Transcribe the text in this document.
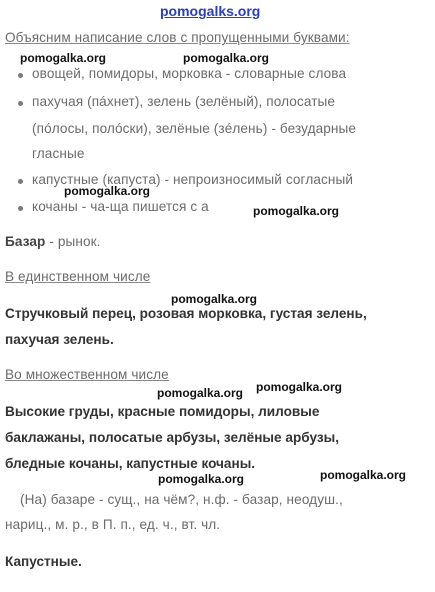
pomogalks.org
Объясним написание слов с пропущенными буквами:
pomogalka.org	pomogalka.org
овощей, помидоры, морковка - словарные слова
пахучая (пáхнет), зелень (зелёный), полосатые
(пóлосы, полóски), зелёные (зéлень) - безударные
гласные
капустные (капуста) - непроизносимый согласный
pomogalka.org
кочаны - ча-ща пишется с а	pomogalka.org
Базар - рынок.
В единственном числе
pomogalka.org
Стручковый перец, розовая морковка, густая зелень,
пахучая зелень.
Во множественном числе
pomogalka.org pomogalka.org
Высокие груды, красные помидоры, лиловые
баклажаны, полосатые арбузы, зелёные арбузы,
бледные кочаны, капустные кочаны.
pomogalka.org	pomogalka.org
(На) базаре - сущ., на чём?, н.ф. - базар, неодуш.,
нариц., м. р., в П. п., ед. ч., вт. чл.
Капустные.
